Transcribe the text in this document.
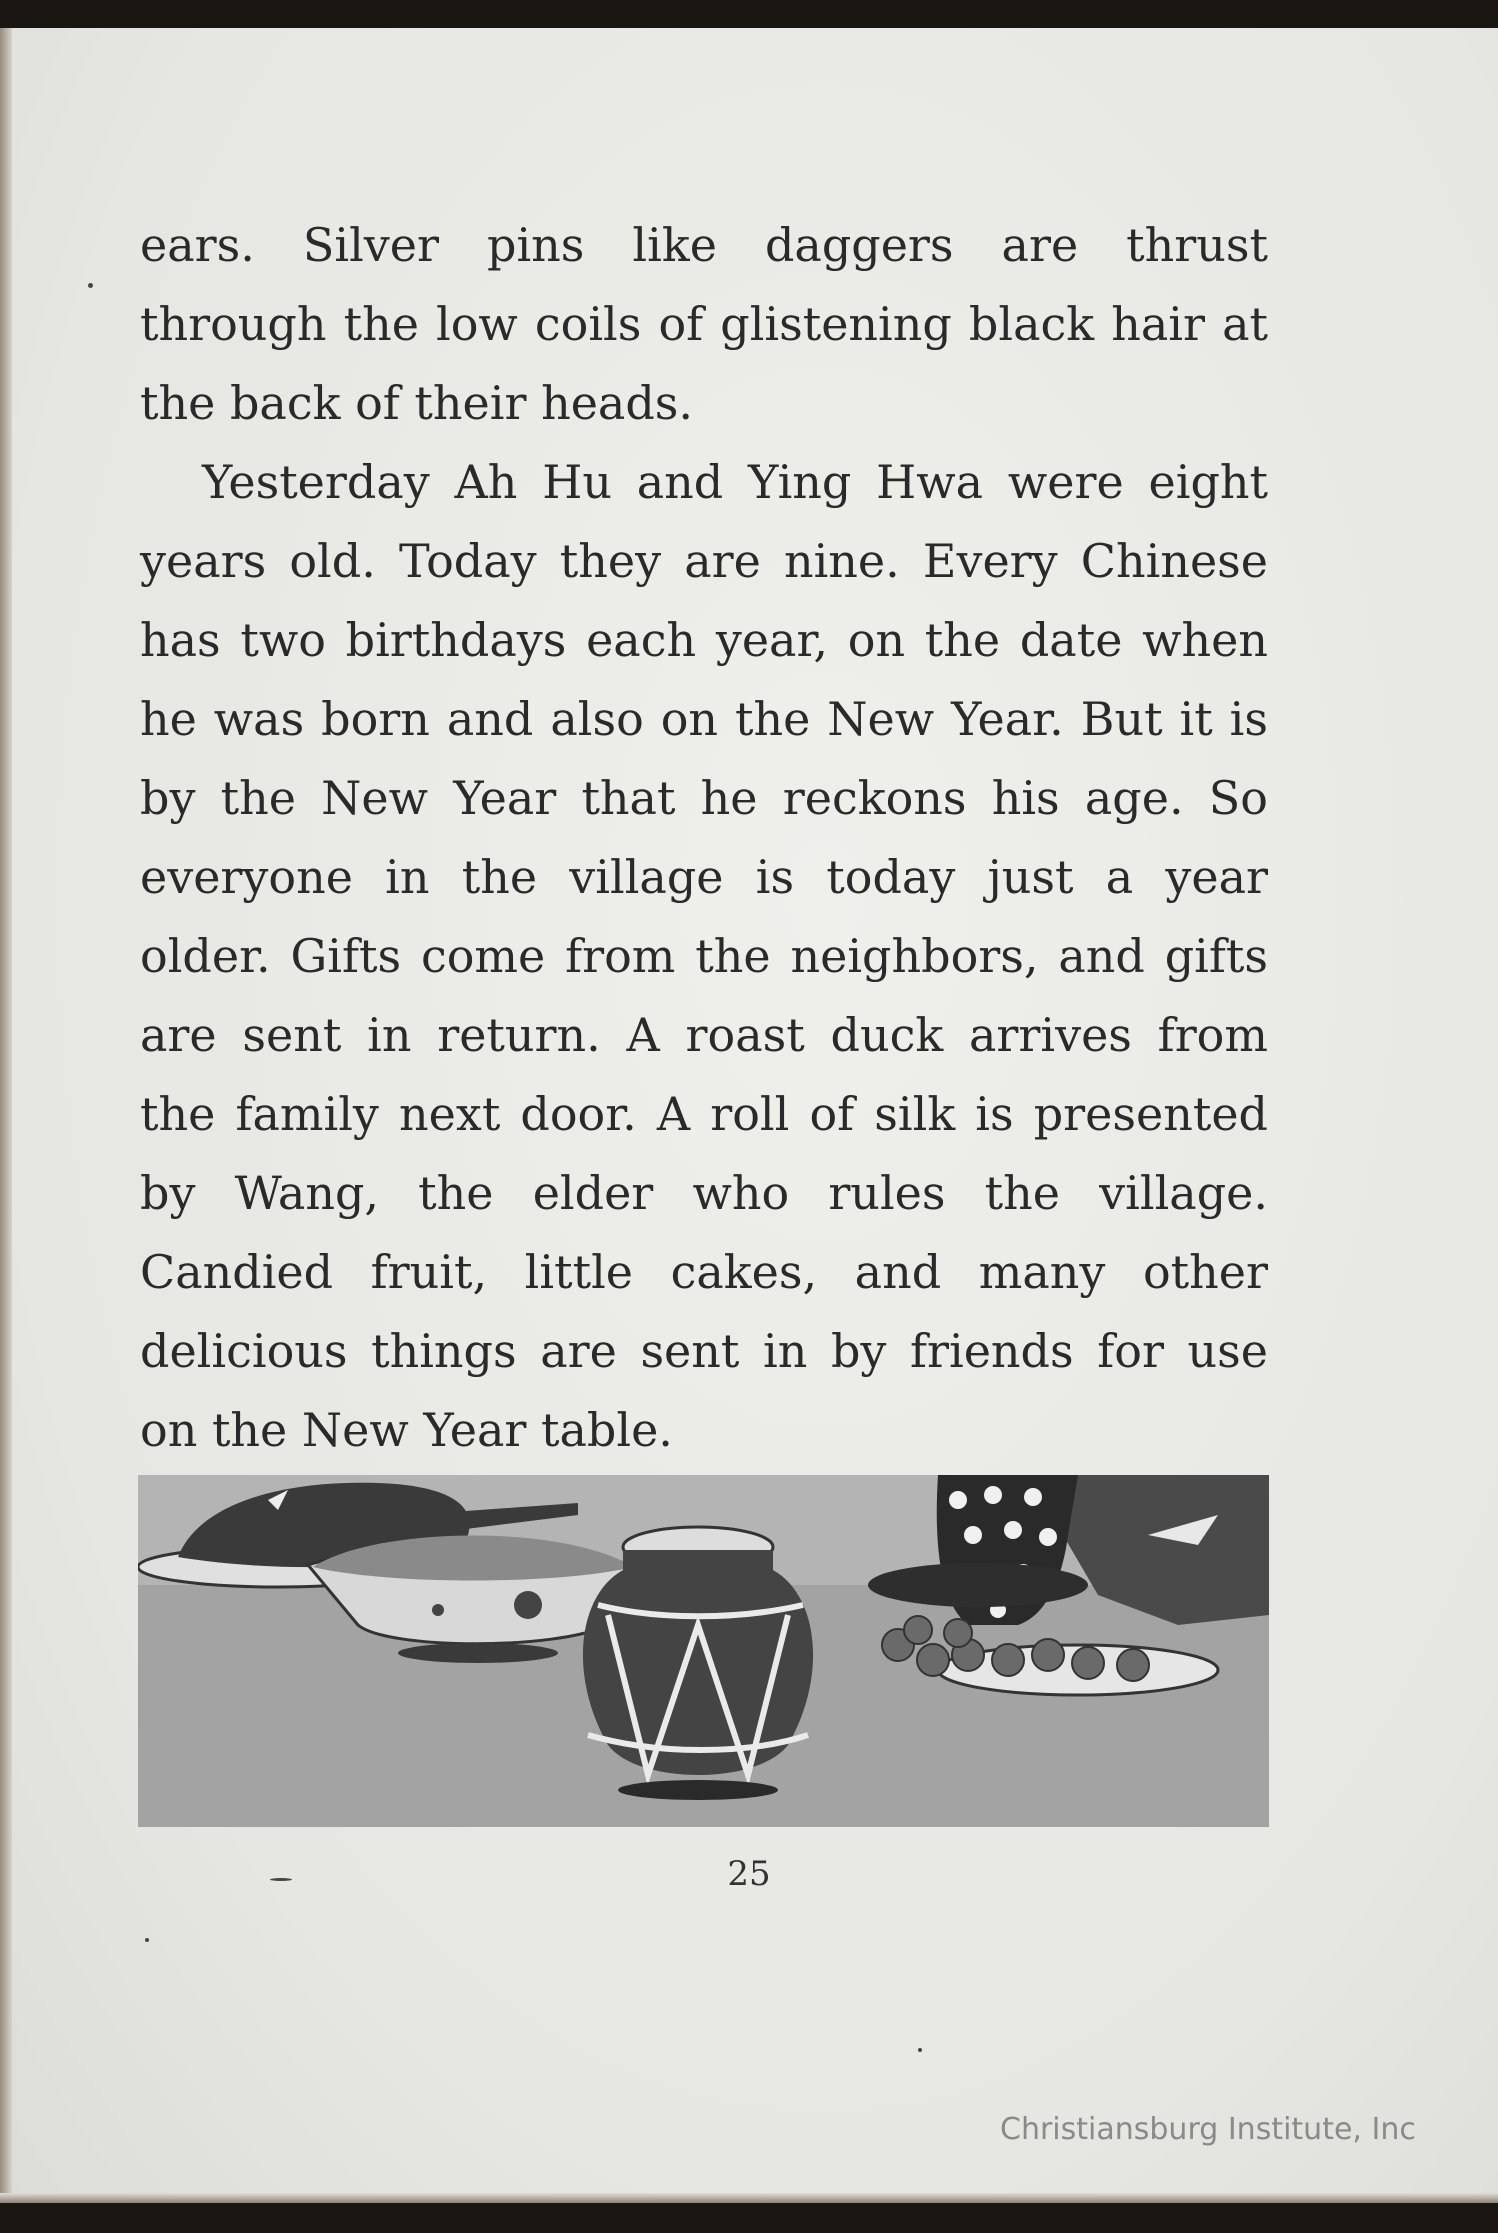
ears. Silver pins like daggers are thrust through the low coils of glistening black hair at the back of their heads.

Yesterday Ah Hu and Ying Hwa were eight years old. Today they are nine. Every Chinese has two birthdays each year, on the date when he was born and also on the New Year. But it is by the New Year that he reckons his age. So everyone in the village is today just a year older. Gifts come from the neighbors, and gifts are sent in return. A roast duck arrives from the family next door. A roll of silk is presented by Wang, the elder who rules the village. Candied fruit, little cakes, and many other delicious things are sent in by friends for use on the New Year table.

25
Christiansburg Institute, Inc
